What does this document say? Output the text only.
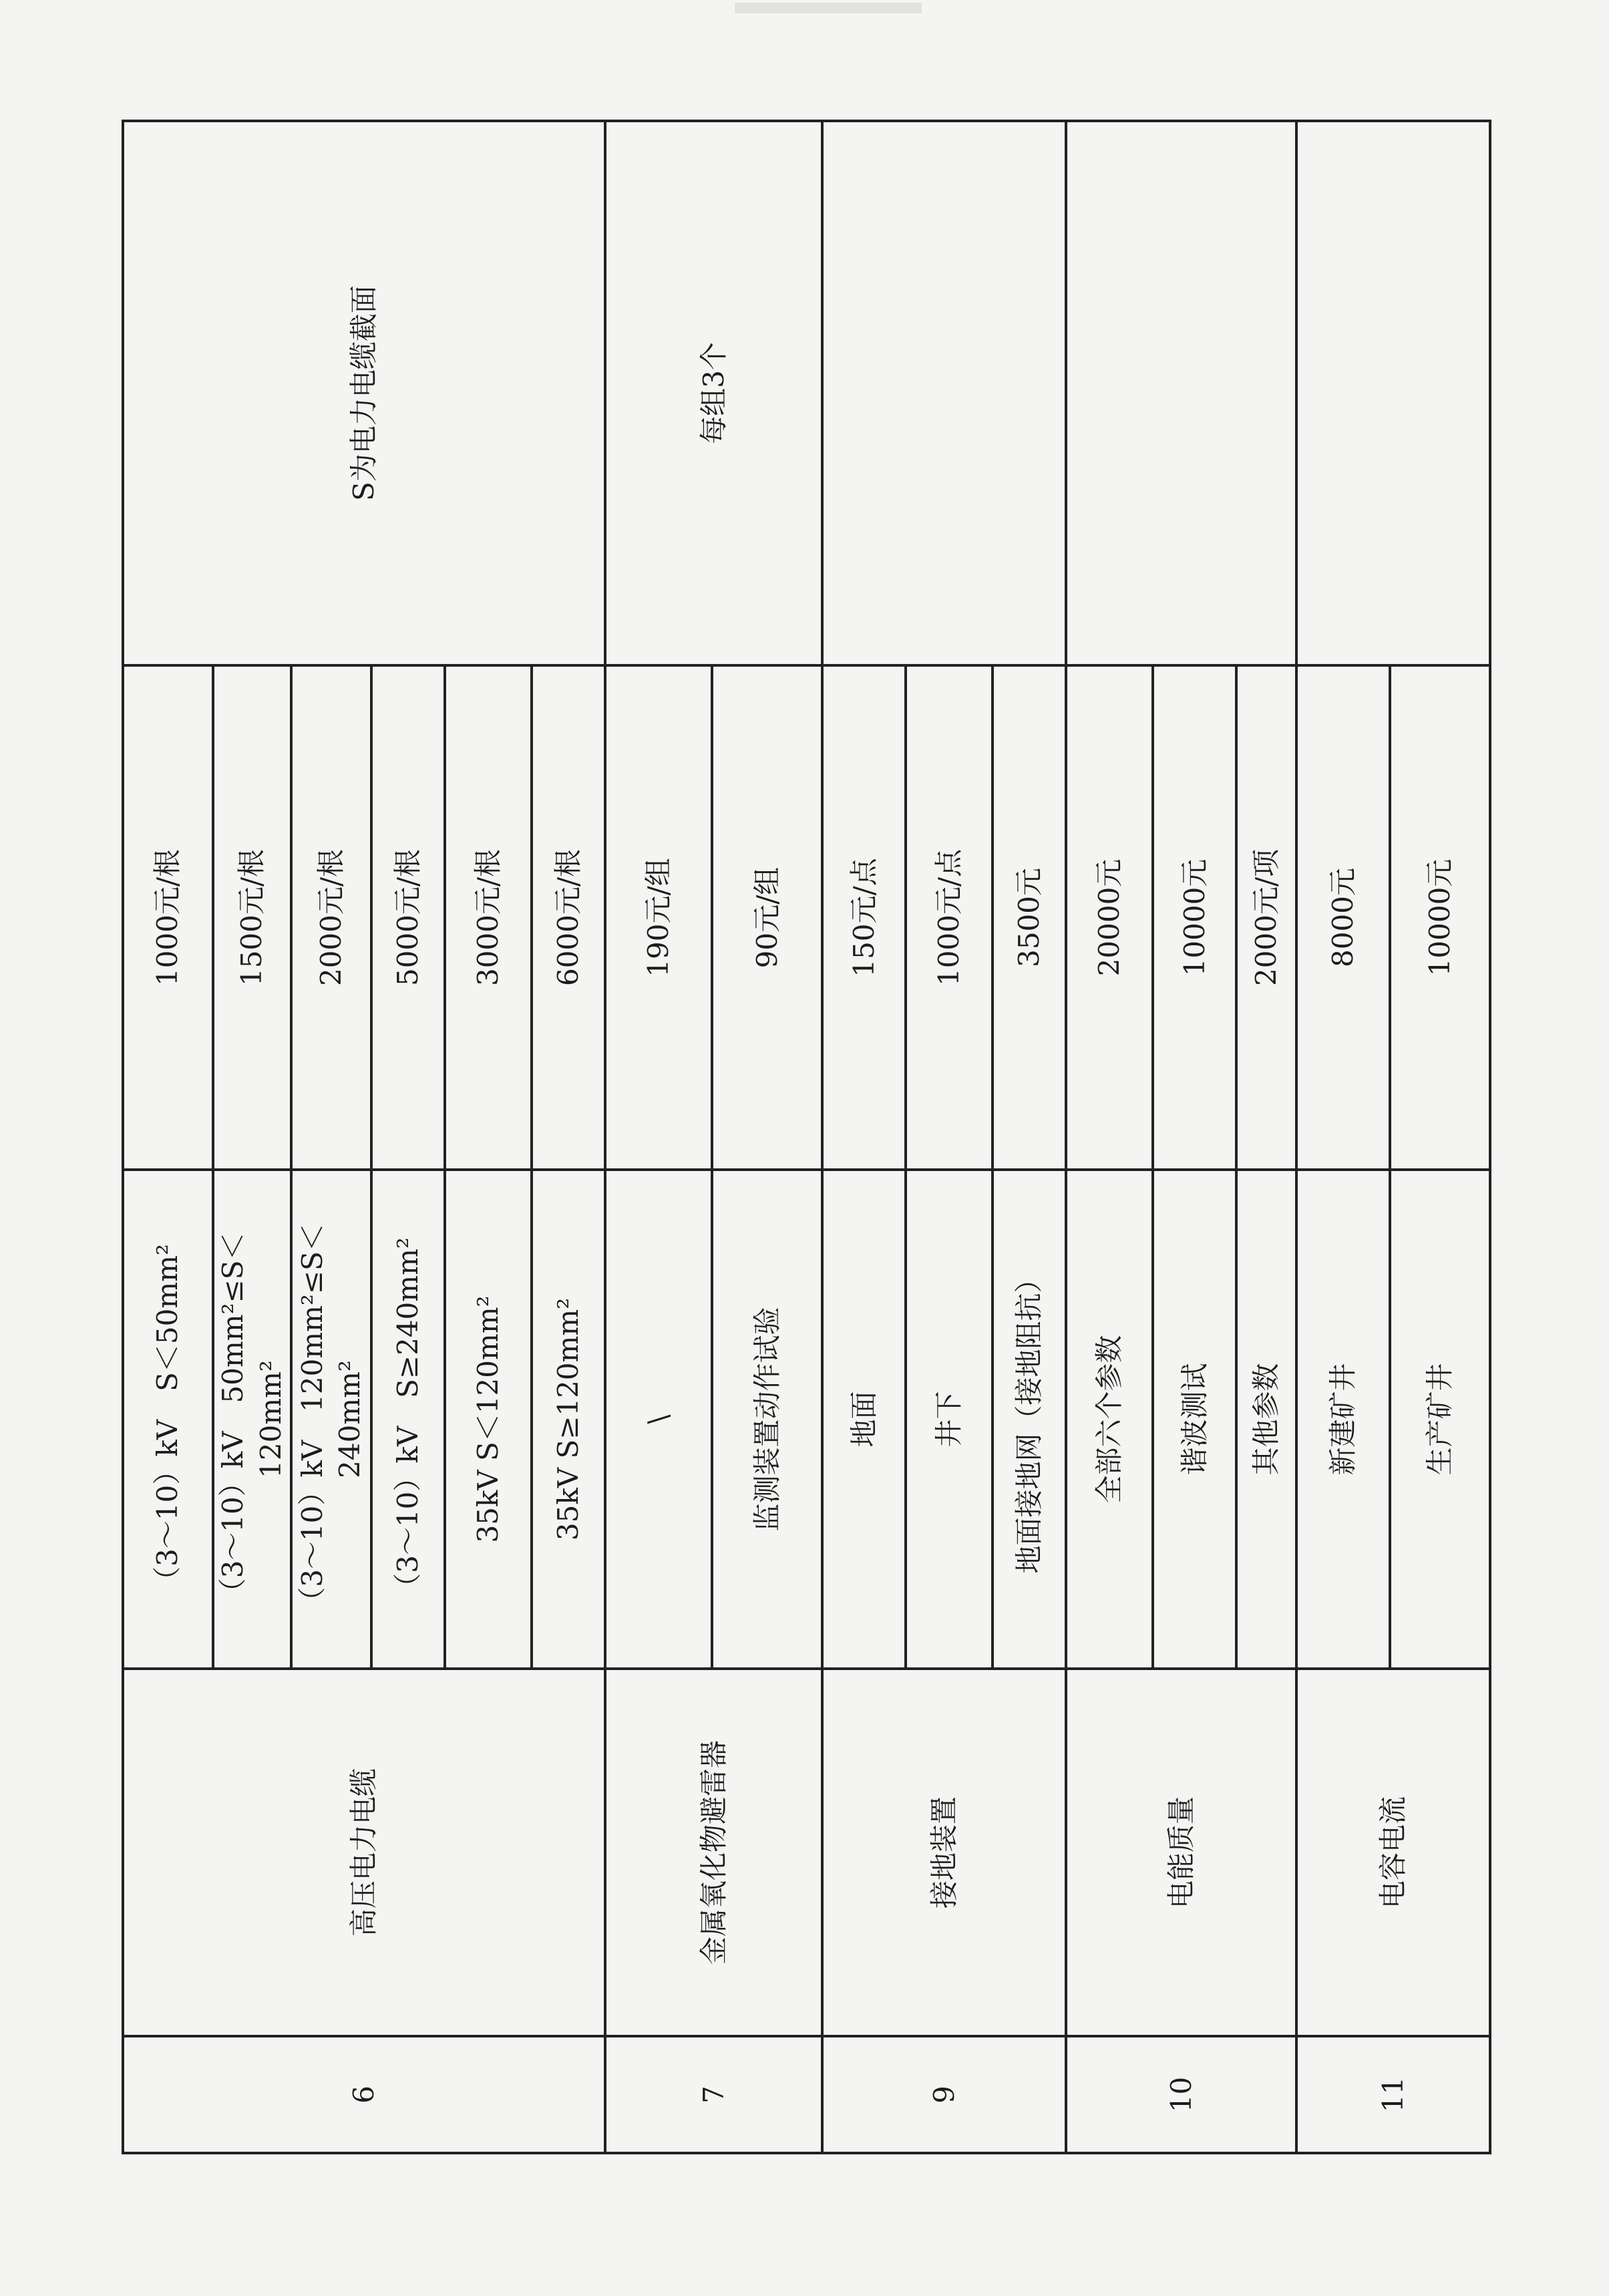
6	高压电力电缆	（3～10）kV　S＜50mm²	1000元/根	S为电力电缆截面
		（3～10）kV　50mm²≤S＜120mm²	1500元/根	
		（3～10）kV　120mm²≤S＜240mm²	2000元/根	
		（3～10）kV　S≥240mm²	5000元/根	
		35kV S＜120mm²	3000元/根	
		35kV S≥120mm²	6000元/根	
7	金属氧化物避雷器	\	190元/组	每组3个
		监测装置动作试验	90元/组	
9	接地装置	地面	150元/点	
		井下	1000元/点	
		地面接地网（接地阻抗）	3500元	
10	电能质量	全部六个参数	20000元	
		谐波测试	10000元	
		其他参数	2000元/项	
11	电容电流	新建矿井	8000元	
		生产矿井	10000元	
